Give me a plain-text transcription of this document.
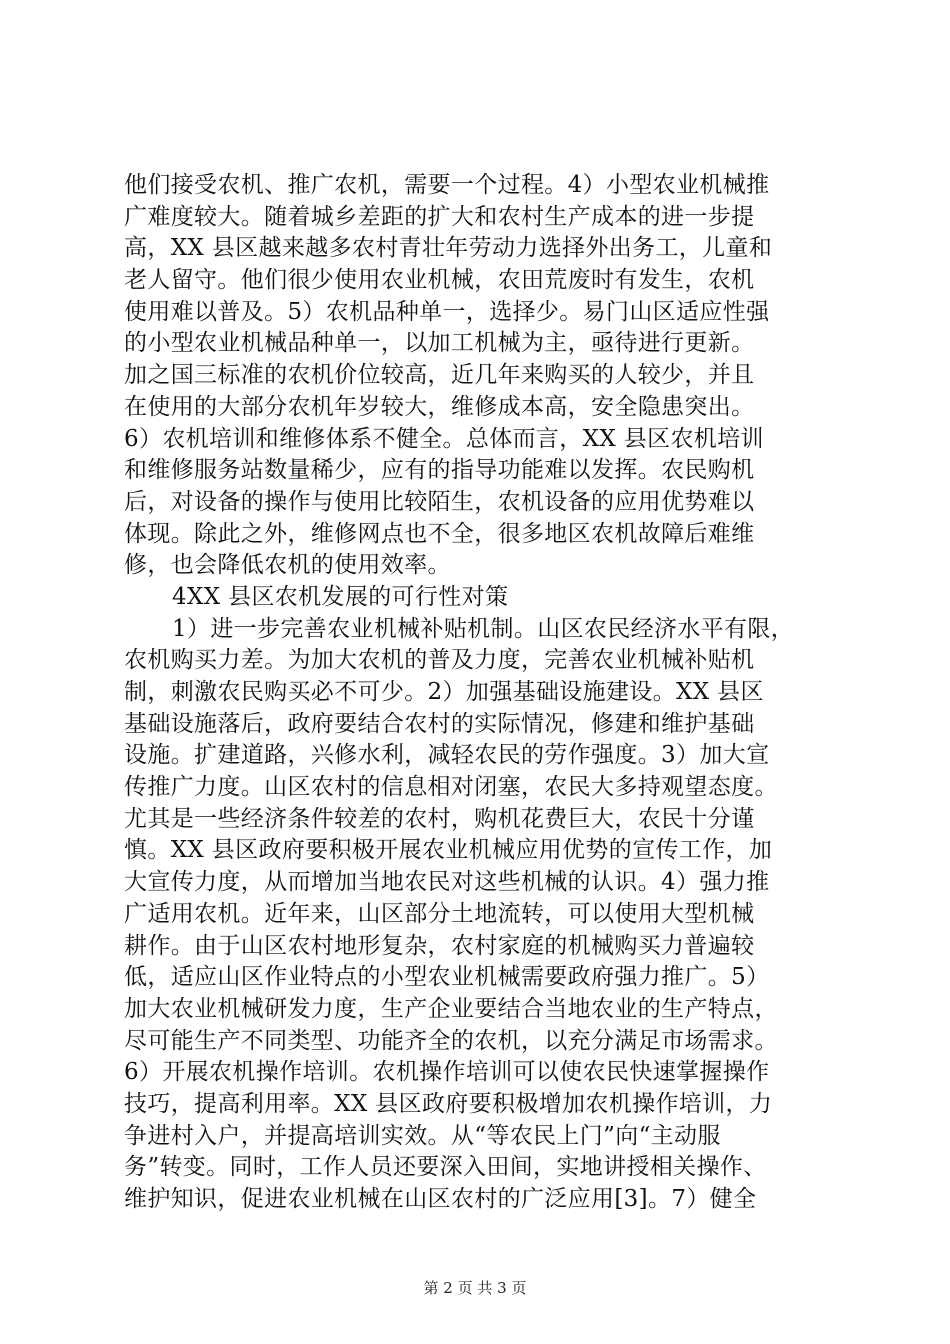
他们接受农机、推广农机，需要一个过程。4）小型农业机械推
广难度较大。随着城乡差距的扩大和农村生产成本的进一步提
高，XX 县区越来越多农村青壮年劳动力选择外出务工，儿童和
老人留守。他们很少使用农业机械，农田荒废时有发生，农机
使用难以普及。5）农机品种单一，选择少。易门山区适应性强
的小型农业机械品种单一，以加工机械为主，亟待进行更新。
加之国三标准的农机价位较高，近几年来购买的人较少，并且
在使用的大部分农机年岁较大，维修成本高，安全隐患突出。
6）农机培训和维修体系不健全。总体而言，XX 县区农机培训
和维修服务站数量稀少，应有的指导功能难以发挥。农民购机
后，对设备的操作与使用比较陌生，农机设备的应用优势难以
体现。除此之外，维修网点也不全，很多地区农机故障后难维
修，也会降低农机的使用效率。
4XX 县区农机发展的可行性对策
1）进一步完善农业机械补贴机制。山区农民经济水平有限，
农机购买力差。为加大农机的普及力度，完善农业机械补贴机
制，刺激农民购买必不可少。2）加强基础设施建设。XX 县区
基础设施落后，政府要结合农村的实际情况，修建和维护基础
设施。扩建道路，兴修水利，减轻农民的劳作强度。3）加大宣
传推广力度。山区农村的信息相对闭塞，农民大多持观望态度。
尤其是一些经济条件较差的农村，购机花费巨大，农民十分谨
慎。XX 县区政府要积极开展农业机械应用优势的宣传工作，加
大宣传力度，从而增加当地农民对这些机械的认识。4）强力推
广适用农机。近年来，山区部分土地流转，可以使用大型机械
耕作。由于山区农村地形复杂，农村家庭的机械购买力普遍较
低，适应山区作业特点的小型农业机械需要政府强力推广。5）
加大农业机械研发力度，生产企业要结合当地农业的生产特点，
尽可能生产不同类型、功能齐全的农机，以充分满足市场需求。
6）开展农机操作培训。农机操作培训可以使农民快速掌握操作
技巧，提高利用率。XX 县区政府要积极增加农机操作培训，力
争进村入户，并提高培训实效。从“等农民上门”向“主动服
务”转变。同时，工作人员还要深入田间，实地讲授相关操作、
维护知识，促进农业机械在山区农村的广泛应用[3]。7）健全
第 2 页 共 3 页
